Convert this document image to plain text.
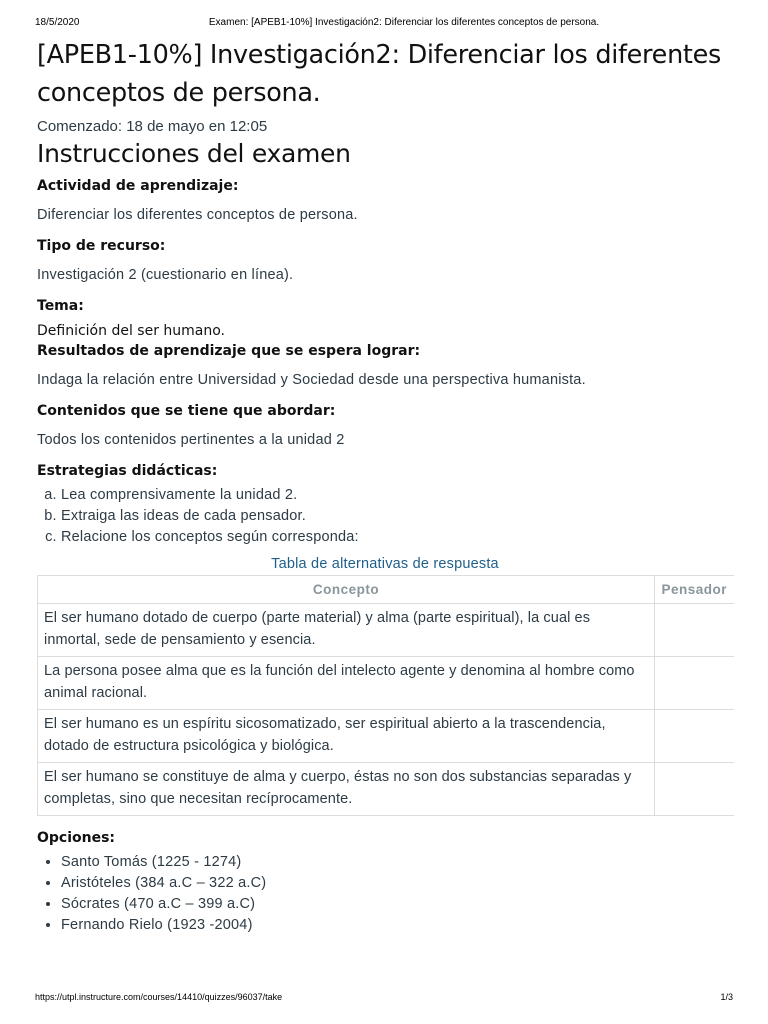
18/5/2020	Examen: [APEB1-10%] Investigación2: Diferenciar los diferentes conceptos de persona.
[APEB1-10%] Investigación2: Diferenciar los diferentes conceptos de persona.
Comenzado: 18 de mayo en 12:05
Instrucciones del examen

Actividad de aprendizaje:

Diferenciar los diferentes conceptos de persona.

Tipo de recurso:

Investigación 2 (cuestionario en línea).

Tema:

Definición del ser humano.

Resultados de aprendizaje que se espera lograr:

Indaga la relación entre Universidad y Sociedad desde una perspectiva humanista.

Contenidos que se tiene que abordar:

Todos los contenidos pertinentes a la unidad 2

Estrategias didácticas:

a. Lea comprensivamente la unidad 2.
b. Extraiga las ideas de cada pensador.
c. Relacione los conceptos según corresponda:
Tabla de alternativas de respuesta
Concepto	Pensador
El ser humano dotado de cuerpo (parte material) y alma (parte espiritual), la cual es inmortal, sede de pensamiento y esencia.	
La persona posee alma que es la función del intelecto agente y denomina al hombre como animal racional.	
El ser humano es un espíritu sicosomatizado, ser espiritual abierto a la trascendencia, dotado de estructura psicológica y biológica.	
El ser humano se constituye de alma y cuerpo, éstas no son dos substancias separadas y completas, sino que necesitan recíprocamente.	

Opciones:

• Santo Tomás (1225 - 1274)
• Aristóteles (384 a.C – 322 a.C)
• Sócrates (470 a.C – 399 a.C)
• Fernando Rielo (1923 -2004)
https://utpl.instructure.com/courses/14410/quizzes/96037/take	1/3
